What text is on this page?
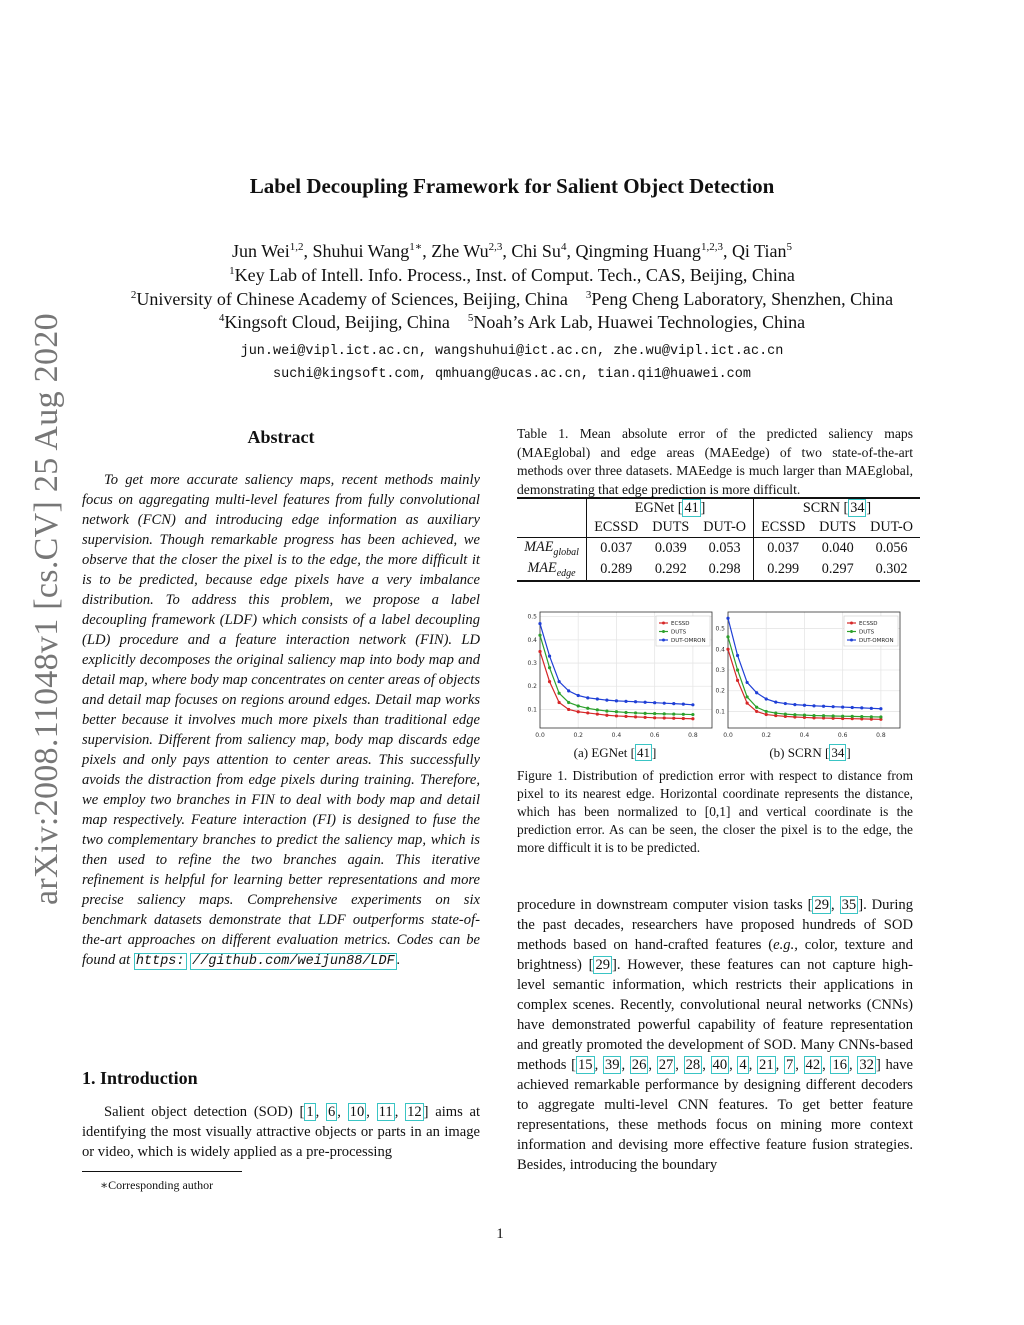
arXiv:2008.11048v1 [cs.CV] 25 Aug 2020
Label Decoupling Framework for Salient Object Detection
Jun Wei$^{1,2}$, Shuhui Wang$^{1∗}$, Zhe Wu$^{2,3}$, Chi Su$^4$, Qingming Huang$^{1,2,3}$, Qi Tian$^5$
$^1$Key Lab of Intell. Info. Process., Inst. of Comput. Tech., CAS, Beijing, China
$^2$University of Chinese Academy of Sciences, Beijing, China $^3$Peng Cheng Laboratory, Shenzhen, China
$^4$Kingsoft Cloud, Beijing, China $^5$Noah’s Ark Lab, Huawei Technologies, China
jun.wei@vipl.ict.ac.cn, wangshuhui@ict.ac.cn, zhe.wu@vipl.ict.ac.cn
suchi@kingsoft.com, qmhuang@ucas.ac.cn, tian.qi1@huawei.com
Abstract
To get more accurate saliency maps, recent methods mainly focus on aggregating multi-level features from fully convolutional network (FCN) and introducing edge information as auxiliary supervision. Though remarkable progress has been achieved, we observe that the closer the pixel is to the edge, the more difficult it is to be predicted, because edge pixels have a very imbalance distribution. To address this problem, we propose a label decoupling framework (LDF) which consists of a label decoupling (LD) procedure and a feature interaction network (FIN). LD explicitly decomposes the original saliency map into body map and detail map, where body map concentrates on center areas of objects and detail map focuses on regions around edges. Detail map works better because it involves much more pixels than traditional edge supervision. Different from saliency map, body map discards edge pixels and only pays attention to center areas. This successfully avoids the distraction from edge pixels during training. Therefore, we employ two branches in FIN to deal with body map and detail map respectively. Feature interaction (FI) is designed to fuse the two complementary branches to predict the saliency map, which is then used to refine the two branches again. This iterative refinement is helpful for learning better representations and more precise saliency maps. Comprehensive experiments on six benchmark datasets demonstrate that LDF outperforms state-of-the-art approaches on different evaluation metrics. Codes can be found at https: //github.com/weijun88/LDF .
1. Introduction
Salient object detection (SOD) [ 1 , 6 , 10 , 11 , 12 ] aims at identifying the most visually attractive objects or parts in an image or video, which is widely applied as a pre-processing
∗Corresponding author
Table 1. Mean absolute error of the predicted saliency maps (MAEglobal) and edge areas (MAEedge) of two state-of-the-art methods over three datasets. MAEedge is much larger than MAEglobal, demonstrating that edge prediction is more difficult.
	EGNet [ 41 ]			SCRN [ 34 ]		
	ECSSD	DUTS	DUT-O	ECSSD	DUTS	DUT-O
$MAE_{global}$	0.037	0.039	0.053	0.037	0.040	0.056
$MAE_{edge}$	0.289	0.292	0.298	0.299	0.297	0.302
0.0	0.2	0.4	0.6	0.8
0.1
0.2
0.3
0.4
0.5
ECSSD
DUTS
DUT-OMRON
0.0	0.2	0.4	0.6	0.8
0.1
0.2
0.3
0.4
0.5
ECSSD
DUTS
DUT-OMRON
(a) EGNet [ 41 ]	(b) SCRN [ 34 ]
Figure 1. Distribution of prediction error with respect to distance from pixel to its nearest edge. Horizontal coordinate represents the distance, which has been normalized to [0,1] and vertical coordinate is the prediction error. As can be seen, the closer the pixel is to the edge, the more difficult it is to be predicted.
procedure in downstream computer vision tasks [ 29 , 35 ]. During the past decades, researchers have proposed hundreds of SOD methods based on hand-crafted features (e.g., color, texture and brightness) [ 29 ]. However, these features can not capture high-level semantic information, which restricts their applications in complex scenes. Recently, convolutional neural networks (CNNs) have demonstrated powerful capability of feature representation and greatly promoted the development of SOD. Many CNNs-based methods [ 15 , 39 , 26 , 27 , 28 , 40 , 4 , 21 , 7 , 42 , 16 , 32 ] have achieved remarkable performance by designing different decoders to aggregate multi-level CNN features. To get better feature representations, these methods focus on mining more context information and devising more effective feature fusion strategies. Besides, introducing the boundary
1
